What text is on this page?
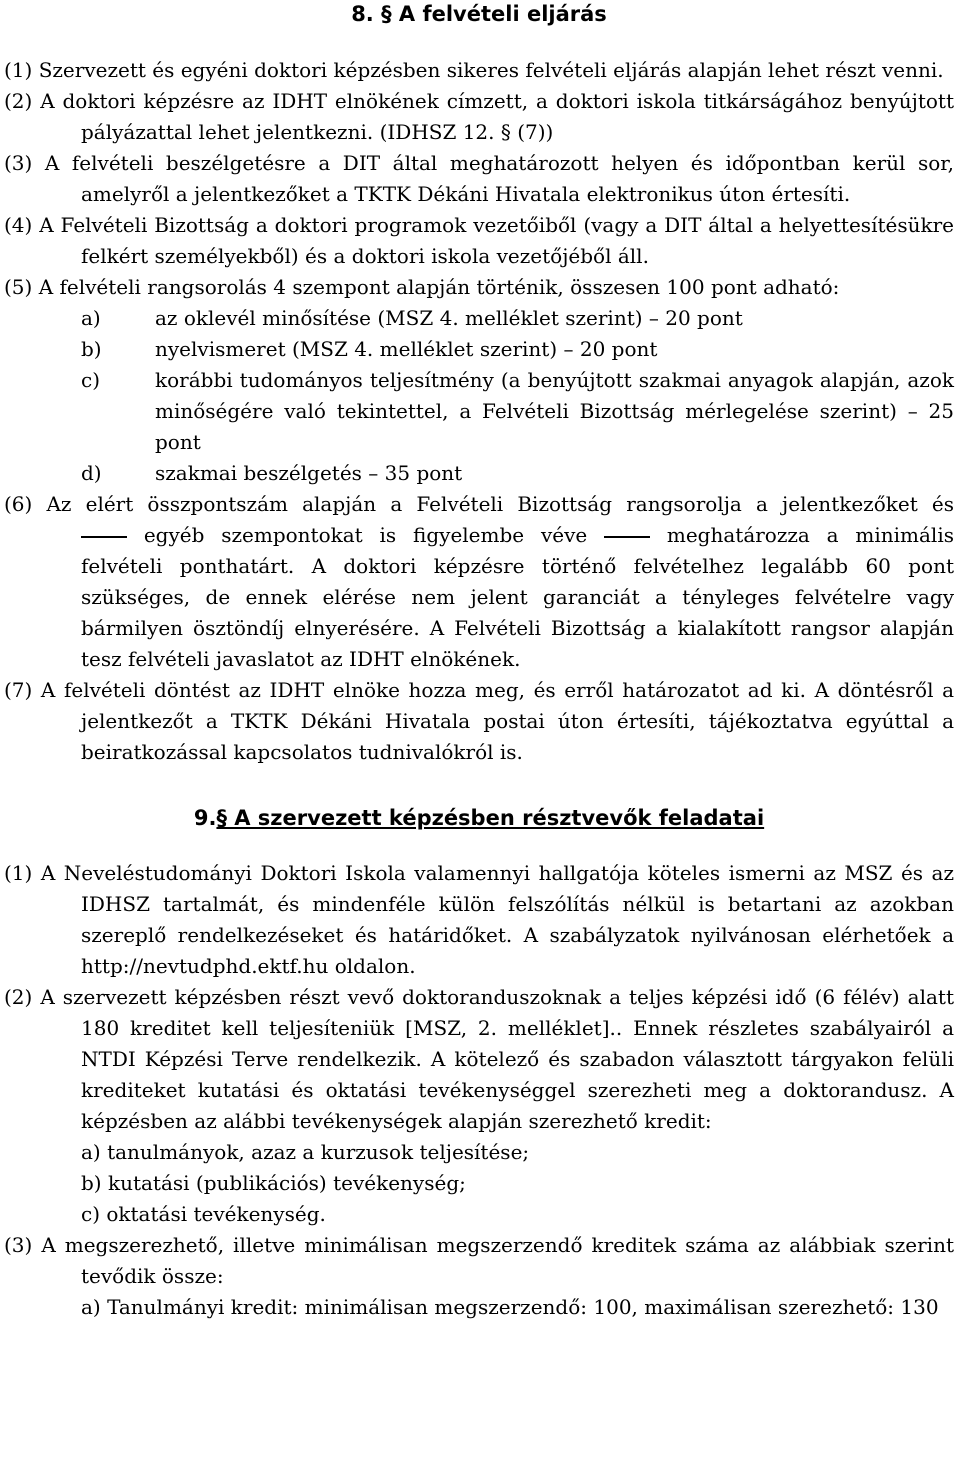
8. § A felvételi eljárás

(1) Szervezett és egyéni doktori képzésben sikeres felvételi eljárás alapján lehet részt venni.

(2) A doktori képzésre az IDHT elnökének címzett, a doktori iskola titkárságához benyújtott pályázattal lehet jelentkezni. (IDHSZ 12. § (7))

(3) A felvételi beszélgetésre a DIT által meghatározott helyen és időpontban kerül sor, amelyről a jelentkezőket a TKTK Dékáni Hivatala elektronikus úton értesíti.

(4) A Felvételi Bizottság a doktori programok vezetőiből (vagy a DIT által a helyettesítésükre felkért személyekből) és a doktori iskola vezetőjéből áll.

(5) A felvételi rangsorolás 4 szempont alapján történik, összesen 100 pont adható:

a)	az oklevél minősítése (MSZ 4. melléklet szerint) – 20 pont
b)	nyelvismeret (MSZ 4. melléklet szerint) – 20 pont
c)	korábbi tudományos teljesítmény (a benyújtott szakmai anyagok alapján, azok minőségére való tekintettel, a Felvételi Bizottság mérlegelése szerint) – 25 pont
d)	szakmai beszélgetés – 35 pont

(6) Az elért összpontszám alapján a Felvételi Bizottság rangsorolja a jelentkezőket és

egyéb szempontokat is figyelembe véve	meghatározza a minimális

felvételi ponthatárt. A doktori képzésre történő felvételhez legalább 60 pont szükséges, de ennek elérése nem jelent garanciát a tényleges felvételre vagy bármilyen ösztöndíj elnyerésére. A Felvételi Bizottság a kialakított rangsor alapján tesz felvételi javaslatot az IDHT elnökének.

(7) A felvételi döntést az IDHT elnöke hozza meg, és erről határozatot ad ki. A döntésről a jelentkezőt a TKTK Dékáni Hivatala postai úton értesíti, tájékoztatva egyúttal a beiratkozással kapcsolatos tudnivalókról is.

9.§ A szervezett képzésben résztvevők feladatai

(1) A Neveléstudományi Doktori Iskola valamennyi hallgatója köteles ismerni az MSZ és az IDHSZ tartalmát, és mindenféle külön felszólítás nélkül is betartani az azokban szereplő rendelkezéseket és határidőket. A szabályzatok nyilvánosan elérhetőek a http://nevtudphd.ektf.hu oldalon.

(2) A szervezett képzésben részt vevő doktoranduszoknak a teljes képzési idő (6 félév) alatt 180 kreditet kell teljesíteniük [MSZ, 2. melléklet].. Ennek részletes szabályairól a NTDI Képzési Terve rendelkezik. A kötelező és szabadon választott tárgyakon felüli krediteket kutatási és oktatási tevékenységgel szerezheti meg a doktorandusz. A képzésben az alábbi tevékenységek alapján szerezhető kredit:

a) tanulmányok, azaz a kurzusok teljesítése;

b) kutatási (publikációs) tevékenység;

c) oktatási tevékenység.

(3) A megszerezhető, illetve minimálisan megszerzendő kreditek száma az alábbiak szerint tevődik össze:

a) Tanulmányi kredit: minimálisan megszerzendő: 100, maximálisan szerezhető: 130
